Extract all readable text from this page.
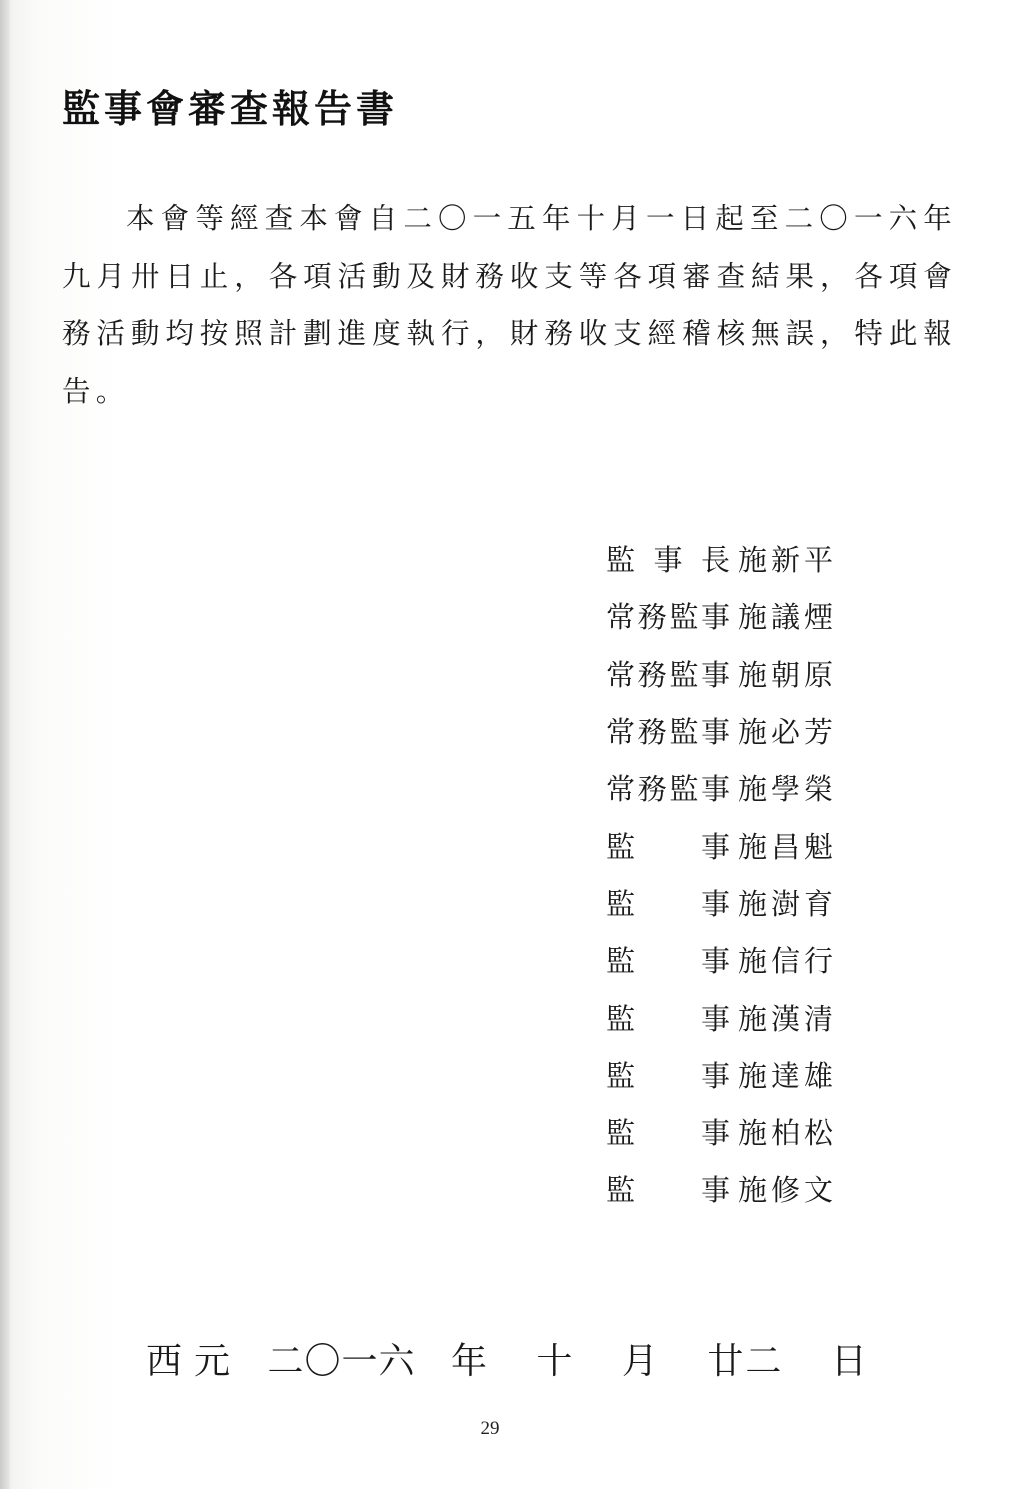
監事會審查報告書

本會等經查本會自二〇一五年十月一日起至二〇一六年九月卅日止，各項活動及財務收支等各項審查結果，各項會務活動均按照計劃進度執行，財務收支經稽核無誤，特此報告。

監事長 施新平
常務監事 施議煙
常務監事 施朝原
常務監事 施必芳
常務監事 施學榮
監事 施昌魁
監事 施澍育
監事 施信行
監事 施漢清
監事 施達雄
監事 施柏松
監事 施修文
西元 二〇一六 年 十 月 廿二 日
29
